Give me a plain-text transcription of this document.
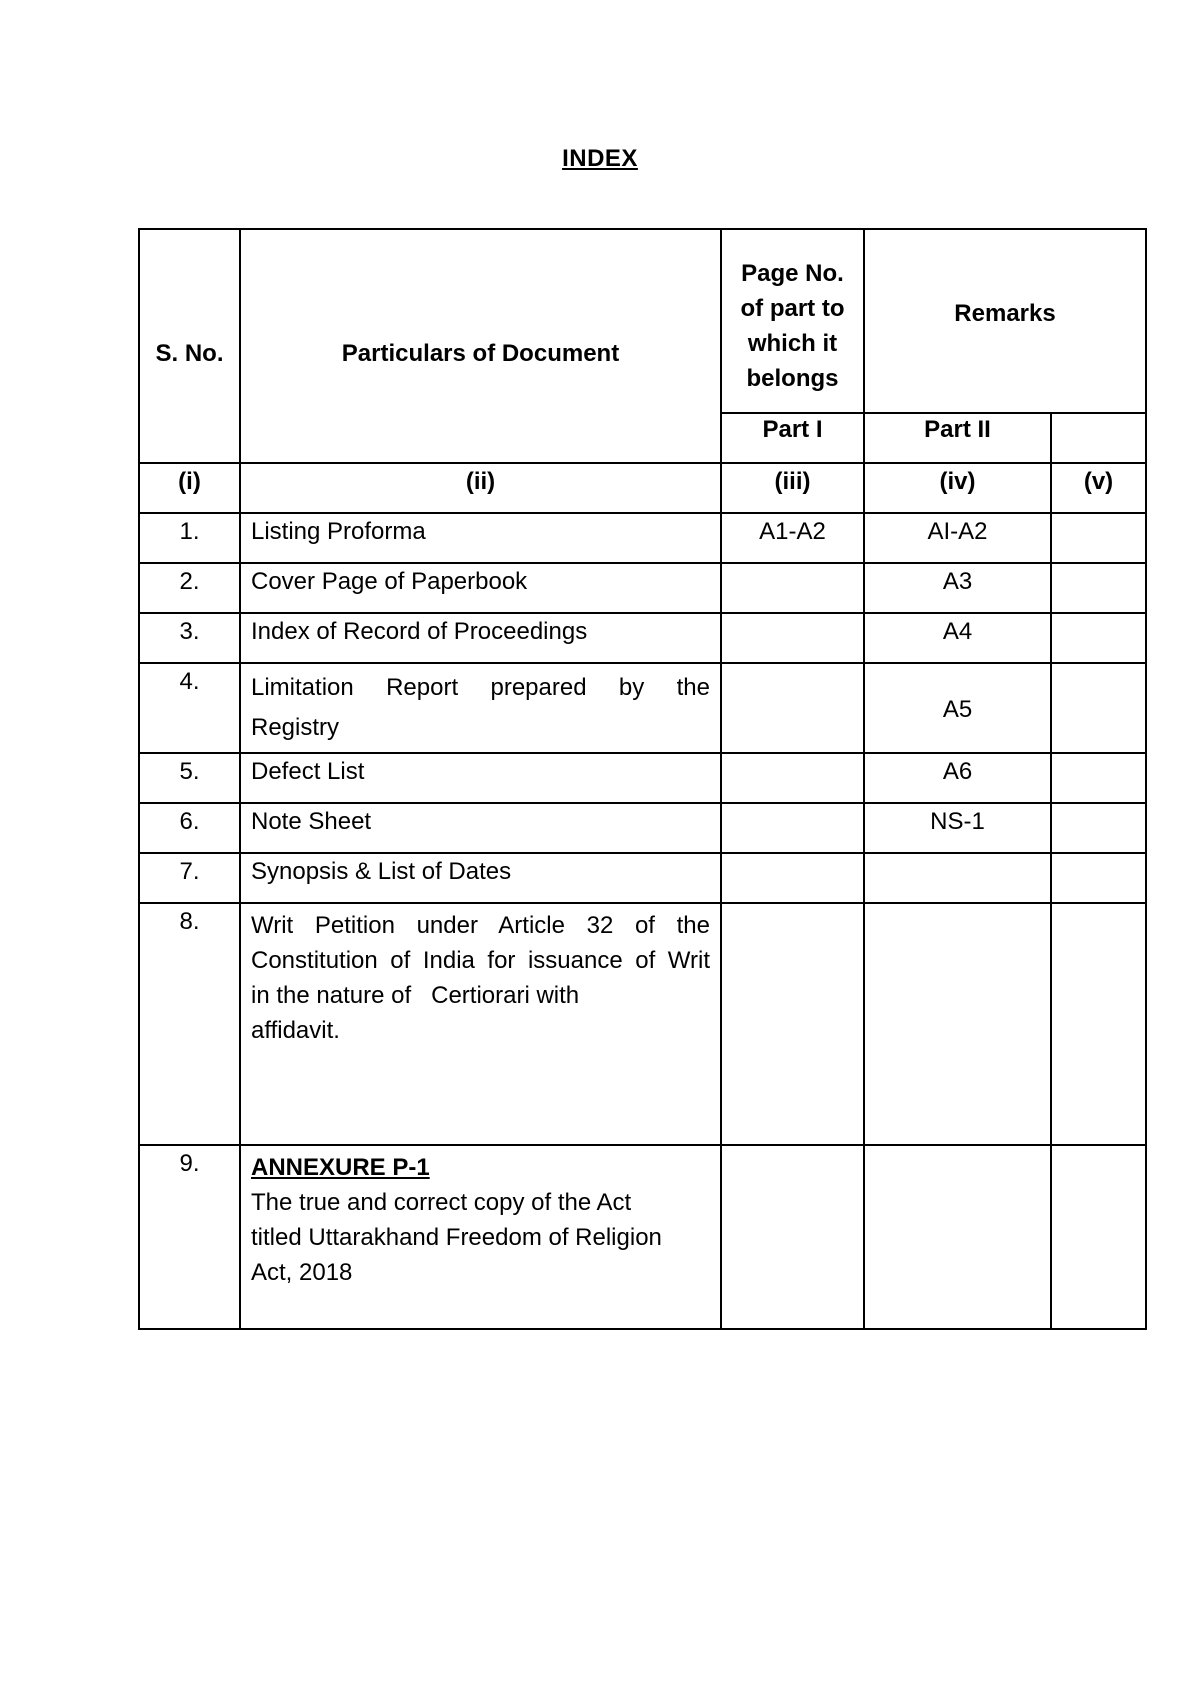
INDEX
S. No.	Particulars of Document	Page No.
of part to
which it
belongs	Remarks	
		Part I	Part II	
(i)	(ii)	(iii)	(iv)	(v)
1.	Listing Proforma	A1-A2	AI-A2	
2.	Cover Page of Paperbook		A3	
3.	Index of Record of Proceedings		A4	
4.	Limitation Report prepared by the
Registry		A5	
5.	Defect List		A6	
6.	Note Sheet		NS-1	
7.	Synopsis & List of Dates			
8.	Writ Petition under Article 32 of the
Constitution of India for issuance of Writ
in the nature of   Certiorari with
affidavit.			

9.	ANNEXURE P-1
The true and correct copy of the Act
titled Uttarakhand Freedom of Religion
Act, 2018			
